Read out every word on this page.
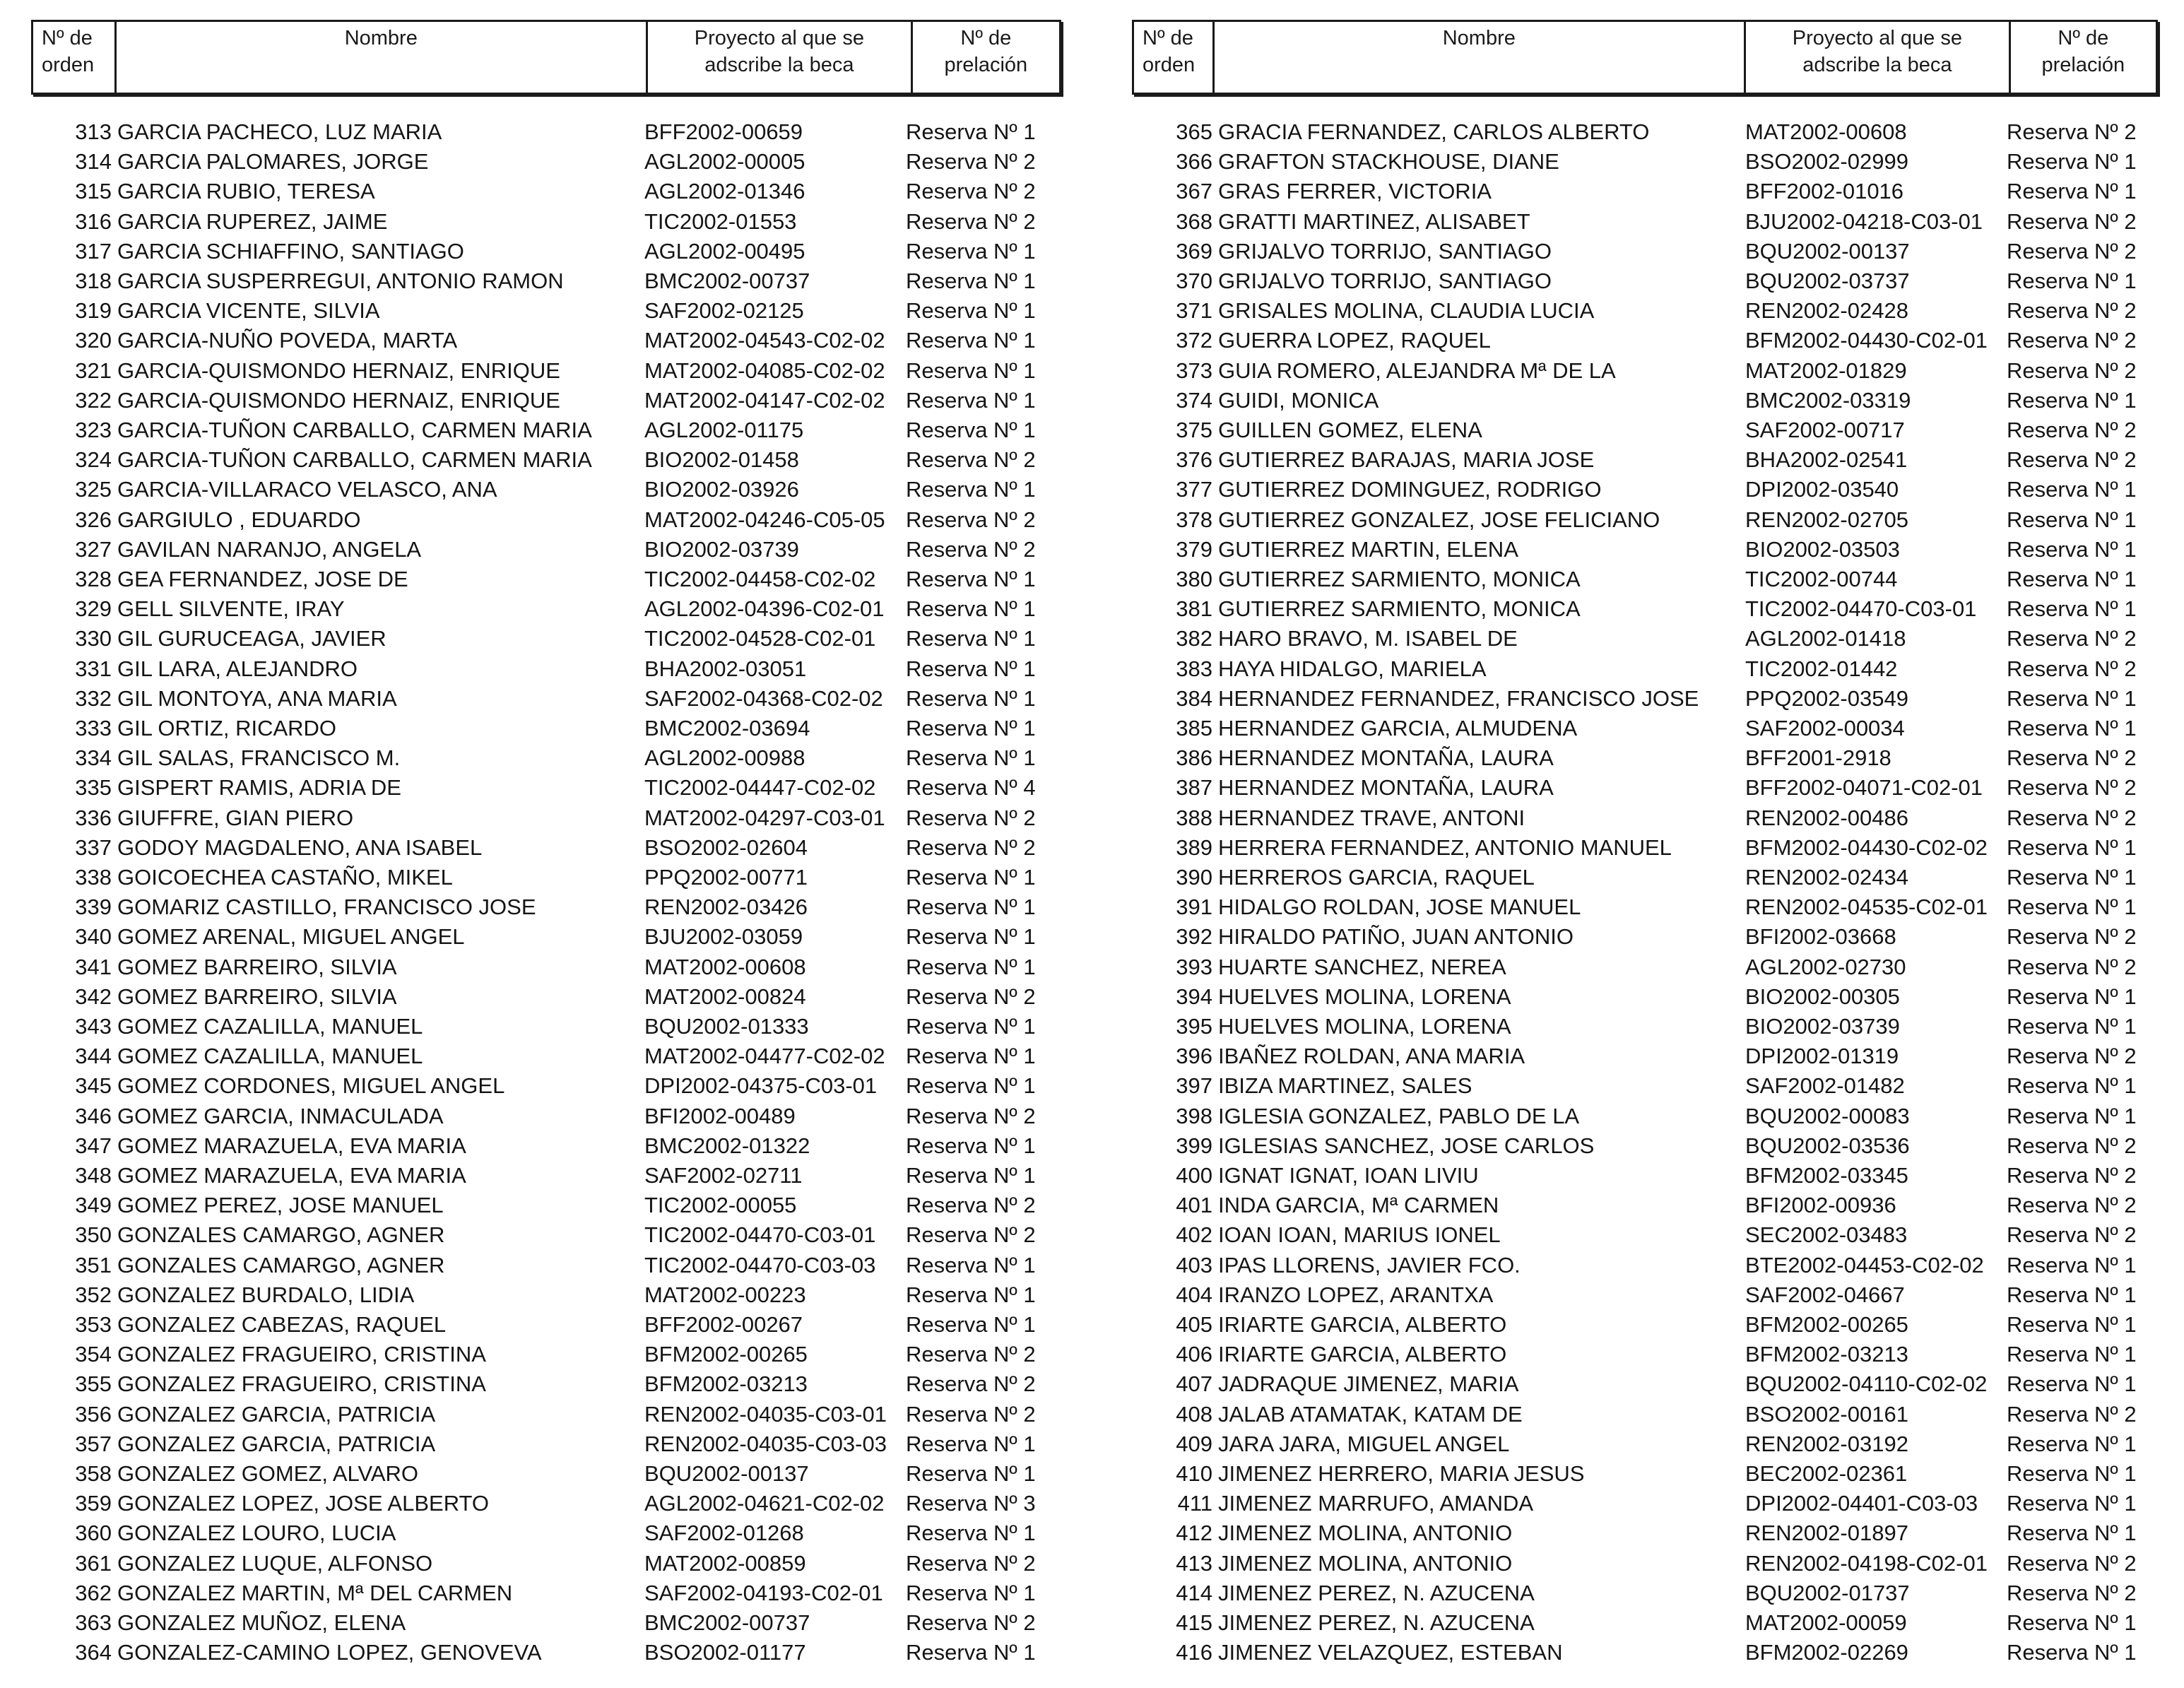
Nº de orden
Nombre	Proyecto al que se adscribe la beca
Nº de prelación
313 GARCIA PACHECO, LUZ MARIA	BFF2002-00659	Reserva Nº 1
314 GARCIA PALOMARES, JORGE	AGL2002-00005	Reserva Nº 2
315 GARCIA RUBIO, TERESA	AGL2002-01346	Reserva Nº 2
316 GARCIA RUPEREZ, JAIME	TIC2002-01553	Reserva Nº 2
317 GARCIA SCHIAFFINO, SANTIAGO	AGL2002-00495	Reserva Nº 1
318 GARCIA SUSPERREGUI, ANTONIO RAMON	BMC2002-00737	Reserva Nº 1
319 GARCIA VICENTE, SILVIA	SAF2002-02125	Reserva Nº 1
320 GARCIA-NUÑO POVEDA, MARTA	MAT2002-04543-C02-02 Reserva Nº 1
321 GARCIA-QUISMONDO HERNAIZ, ENRIQUE	MAT2002-04085-C02-02 Reserva Nº 1
322 GARCIA-QUISMONDO HERNAIZ, ENRIQUE	MAT2002-04147-C02-02 Reserva Nº 1
323 GARCIA-TUÑON CARBALLO, CARMEN MARIA AGL2002-01175	Reserva Nº 1
324 GARCIA-TUÑON CARBALLO, CARMEN MARIA BIO2002-01458	Reserva Nº 2
325 GARCIA-VILLARACO VELASCO, ANA	BIO2002-03926	Reserva Nº 1
326 GARGIULO , EDUARDO	MAT2002-04246-C05-05 Reserva Nº 2
327 GAVILAN NARANJO, ANGELA	BIO2002-03739	Reserva Nº 2
328 GEA FERNANDEZ, JOSE DE	TIC2002-04458-C02-02 Reserva Nº 1
329 GELL SILVENTE, IRAY	AGL2002-04396-C02-01 Reserva Nº 1
330 GIL GURUCEAGA, JAVIER	TIC2002-04528-C02-01 Reserva Nº 1
331 GIL LARA, ALEJANDRO	BHA2002-03051	Reserva Nº 1
332 GIL MONTOYA, ANA MARIA	SAF2002-04368-C02-02 Reserva Nº 1
333 GIL ORTIZ, RICARDO	BMC2002-03694	Reserva Nº 1
334 GIL SALAS, FRANCISCO M.	AGL2002-00988	Reserva Nº 1
335 GISPERT RAMIS, ADRIA DE	TIC2002-04447-C02-02 Reserva Nº 4
336 GIUFFRE, GIAN PIERO	MAT2002-04297-C03-01 Reserva Nº 2
337 GODOY MAGDALENO, ANA ISABEL	BSO2002-02604	Reserva Nº 2
338 GOICOECHEA CASTAÑO, MIKEL	PPQ2002-00771	Reserva Nº 1
339 GOMARIZ CASTILLO, FRANCISCO JOSE	REN2002-03426	Reserva Nº 1
340 GOMEZ ARENAL, MIGUEL ANGEL	BJU2002-03059	Reserva Nº 1
341 GOMEZ BARREIRO, SILVIA	MAT2002-00608	Reserva Nº 1
342 GOMEZ BARREIRO, SILVIA	MAT2002-00824	Reserva Nº 2
343 GOMEZ CAZALILLA, MANUEL	BQU2002-01333	Reserva Nº 1
344 GOMEZ CAZALILLA, MANUEL	MAT2002-04477-C02-02 Reserva Nº 1
345 GOMEZ CORDONES, MIGUEL ANGEL	DPI2002-04375-C03-01 Reserva Nº 1
346 GOMEZ GARCIA, INMACULADA	BFI2002-00489	Reserva Nº 2
347 GOMEZ MARAZUELA, EVA MARIA	BMC2002-01322	Reserva Nº 1
348 GOMEZ MARAZUELA, EVA MARIA	SAF2002-02711	Reserva Nº 1
349 GOMEZ PEREZ, JOSE MANUEL	TIC2002-00055	Reserva Nº 2
350 GONZALES CAMARGO, AGNER	TIC2002-04470-C03-01 Reserva Nº 2
351 GONZALES CAMARGO, AGNER	TIC2002-04470-C03-03 Reserva Nº 1
352 GONZALEZ BURDALO, LIDIA	MAT2002-00223	Reserva Nº 1
353 GONZALEZ CABEZAS, RAQUEL	BFF2002-00267	Reserva Nº 1
354 GONZALEZ FRAGUEIRO, CRISTINA	BFM2002-00265	Reserva Nº 2
355 GONZALEZ FRAGUEIRO, CRISTINA	BFM2002-03213	Reserva Nº 2
356 GONZALEZ GARCIA, PATRICIA	REN2002-04035-C03-01 Reserva Nº 2
357 GONZALEZ GARCIA, PATRICIA	REN2002-04035-C03-03 Reserva Nº 1
358 GONZALEZ GOMEZ, ALVARO	BQU2002-00137	Reserva Nº 1
359 GONZALEZ LOPEZ, JOSE ALBERTO	AGL2002-04621-C02-02 Reserva Nº 3
360 GONZALEZ LOURO, LUCIA	SAF2002-01268	Reserva Nº 1
361 GONZALEZ LUQUE, ALFONSO	MAT2002-00859	Reserva Nº 2
362 GONZALEZ MARTIN, Mª DEL CARMEN	SAF2002-04193-C02-01 Reserva Nº 1
363 GONZALEZ MUÑOZ, ELENA	BMC2002-00737	Reserva Nº 2
364 GONZALEZ-CAMINO LOPEZ, GENOVEVA	BSO2002-01177	Reserva Nº 1
Nº de orden
Nombre	Proyecto al que se adscribe la beca
Nº de prelación
365 GRACIA FERNANDEZ, CARLOS ALBERTO	MAT2002-00608	Reserva Nº 2
366 GRAFTON STACKHOUSE, DIANE	BSO2002-02999	Reserva Nº 1
367 GRAS FERRER, VICTORIA	BFF2002-01016	Reserva Nº 1
368 GRATTI MARTINEZ, ALISABET	BJU2002-04218-C03-01 Reserva Nº 2
369 GRIJALVO TORRIJO, SANTIAGO	BQU2002-00137	Reserva Nº 2
370 GRIJALVO TORRIJO, SANTIAGO	BQU2002-03737	Reserva Nº 1
371 GRISALES MOLINA, CLAUDIA LUCIA	REN2002-02428	Reserva Nº 2
372 GUERRA LOPEZ, RAQUEL	BFM2002-04430-C02-01 Reserva Nº 2
373 GUIA ROMERO, ALEJANDRA Mª DE LA	MAT2002-01829	Reserva Nº 2
374 GUIDI, MONICA	BMC2002-03319	Reserva Nº 1
375 GUILLEN GOMEZ, ELENA	SAF2002-00717	Reserva Nº 2
376 GUTIERREZ BARAJAS, MARIA JOSE	BHA2002-02541	Reserva Nº 2
377 GUTIERREZ DOMINGUEZ, RODRIGO	DPI2002-03540	Reserva Nº 1
378 GUTIERREZ GONZALEZ, JOSE FELICIANO	REN2002-02705	Reserva Nº 1
379 GUTIERREZ MARTIN, ELENA	BIO2002-03503	Reserva Nº 1
380 GUTIERREZ SARMIENTO, MONICA	TIC2002-00744	Reserva Nº 1
381 GUTIERREZ SARMIENTO, MONICA	TIC2002-04470-C03-01 Reserva Nº 1
382 HARO BRAVO, M. ISABEL DE	AGL2002-01418	Reserva Nº 2
383 HAYA HIDALGO, MARIELA	TIC2002-01442	Reserva Nº 2
384 HERNANDEZ FERNANDEZ, FRANCISCO JOSE PPQ2002-03549	Reserva Nº 1
385 HERNANDEZ GARCIA, ALMUDENA	SAF2002-00034	Reserva Nº 1
386 HERNANDEZ MONTAÑA, LAURA	BFF2001-2918	Reserva Nº 2
387 HERNANDEZ MONTAÑA, LAURA	BFF2002-04071-C02-01 Reserva Nº 2
388 HERNANDEZ TRAVE, ANTONI	REN2002-00486	Reserva Nº 2
389 HERRERA FERNANDEZ, ANTONIO MANUEL	BFM2002-04430-C02-02 Reserva Nº 1
390 HERREROS GARCIA, RAQUEL	REN2002-02434	Reserva Nº 1
391 HIDALGO ROLDAN, JOSE MANUEL	REN2002-04535-C02-01 Reserva Nº 1
392 HIRALDO PATIÑO, JUAN ANTONIO	BFI2002-03668	Reserva Nº 2
393 HUARTE SANCHEZ, NEREA	AGL2002-02730	Reserva Nº 2
394 HUELVES MOLINA, LORENA	BIO2002-00305	Reserva Nº 1
395 HUELVES MOLINA, LORENA	BIO2002-03739	Reserva Nº 1
396 IBAÑEZ ROLDAN, ANA MARIA	DPI2002-01319	Reserva Nº 2
397 IBIZA MARTINEZ, SALES	SAF2002-01482	Reserva Nº 1
398 IGLESIA GONZALEZ, PABLO DE LA	BQU2002-00083	Reserva Nº 1
399 IGLESIAS SANCHEZ, JOSE CARLOS	BQU2002-03536	Reserva Nº 2
400 IGNAT IGNAT, IOAN LIVIU	BFM2002-03345	Reserva Nº 2
401 INDA GARCIA, Mª CARMEN	BFI2002-00936	Reserva Nº 2
402 IOAN IOAN, MARIUS IONEL	SEC2002-03483	Reserva Nº 2
403 IPAS LLORENS, JAVIER FCO.	BTE2002-04453-C02-02 Reserva Nº 1
404 IRANZO LOPEZ, ARANTXA	SAF2002-04667	Reserva Nº 1
405 IRIARTE GARCIA, ALBERTO	BFM2002-00265	Reserva Nº 1
406 IRIARTE GARCIA, ALBERTO	BFM2002-03213	Reserva Nº 1
407 JADRAQUE JIMENEZ, MARIA	BQU2002-04110-C02-02 Reserva Nº 1
408 JALAB ATAMATAK, KATAM DE	BSO2002-00161	Reserva Nº 2
409 JARA JARA, MIGUEL ANGEL	REN2002-03192	Reserva Nº 1
410 JIMENEZ HERRERO, MARIA JESUS	BEC2002-02361	Reserva Nº 1
411 JIMENEZ MARRUFO, AMANDA	DPI2002-04401-C03-03 Reserva Nº 1
412 JIMENEZ MOLINA, ANTONIO	REN2002-01897	Reserva Nº 1
413 JIMENEZ MOLINA, ANTONIO	REN2002-04198-C02-01 Reserva Nº 2
414 JIMENEZ PEREZ, N. AZUCENA	BQU2002-01737	Reserva Nº 2
415 JIMENEZ PEREZ, N. AZUCENA	MAT2002-00059	Reserva Nº 1
416 JIMENEZ VELAZQUEZ, ESTEBAN	BFM2002-02269	Reserva Nº 1
